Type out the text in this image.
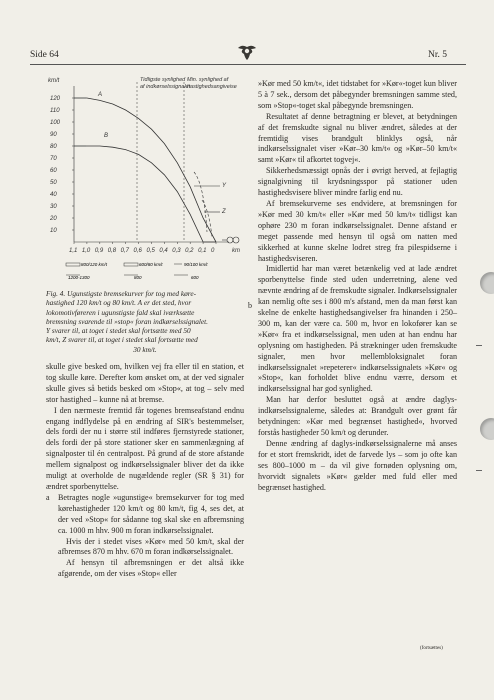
Side 64	Nr. 5
120
110
100
90
80
70
60
50
40
30
20
10
1,1 1,0 0,9 0,8 0,7 0,6 0,5 0,4 0,3 0,2 0,1 0
km/t
km
Tidligste synlighed
af indkørselssignalet
Min. synlighed af
hastighedsangiveise
A
B
Y
Z
800/120 km/t
1200-1300
600/80 km/t
800
90/100 km/t
600

Fig. 4. Ugunstigste bremsekurver for tog med køre-

hastighed 120 km/t og 80 km/t. A er det sted, hvor

lokomotivføreren i ugunstigste fald skal iværksætte

bremsning svarende til »stop« foran indkørselssignalet.

Y svarer til, at toget i stedet skal fortsætte med 50

km/t, Z svarer til, at toget i stedet skal fortsætte med

30 km/t.

skulle give besked om, hvilken vej fra eller til en station, et tog skulle køre. Derefter kom ønsket om, at der ved signaler skulle gives så betids besked om »Stop«, at tog – selv med stor hastighed – kunne nå at bremse.

I den nærmeste fremtid får togenes bremseafstand endnu engang indflydelse på en ændring af SIR's bestemmelser, dels fordi der nu i større stil indføres fjernstyrede stationer, dels fordi der på store stationer sker en sammenlægning af signalposter til én centralpost. På grund af de store afstande mellem signalpost og indkørselssignaler bliver det da ikke muligt at overholde de nugældende regler (SR § 31) for ændret sporbenyttelse.

a Betragtes nogle »ugunstige« bremsekurver for tog med kørehastigheder 120 km/t og 80 km/t, fig 4, ses det, at der ved »Stop« for sådanne tog skal ske en afbremsning ca. 1000 m hhv. 900 m foran indkørselssignalet.

Hvis der i stedet vises »Kør« med 50 km/t, skal der afbremses 870 m hhv. 670 m foran indkørselssignalet.

Af hensyn til afbremsningen er det altså ikke afgørende, om der vises »Stop« eller

b

»Kør med 50 km/t«, idet tidstabet for »Kør«-toget kun bliver 5 à 7 sek., dersom det påbegynder bremsningen samme sted, som »Stop«-toget skal påbegynde bremsningen.

Resultatet af denne betragtning er blevet, at betydningen af det fremskudte signal nu bliver ændret, således at der fremtidig vises brandgult blinklys også, når indkørselssignalet viser »Kør–30 km/t« og »Kør–50 km/t« samt »Kør« til afkortet togvej«.

Sikkerhedsmæssigt opnås der i øvrigt herved, at fejlagtig signalgivning til krydsningsspor på stationer uden hastighedsvisere bliver mindre farlig end nu.

Af bremsekurverne ses endvidere, at bremsningen for »Kør med 30 km/t« eller »Kør med 50 km/t« tidligst kan ophøre 230 m foran indkørselssignalet. Denne afstand er meget passende med hensyn til også om natten med sikkerhed at kunne skelne lodret streg fra pilespidserne i hastighedsviseren.

Imidlertid har man været betænkelig ved at lade ændret sporbenyttelse finde sted uden underretning, alene ved nævnte ændring af de fremskudte signaler. Indkørselssignaler kan nemlig ofte ses i 800 m's afstand, men da man først kan skelne de enkelte hastighedsangivelser fra hinanden i 250–300 m, kan der være ca. 500 m, hvor en lokofører kan se »Kør« fra et indkørselssignal, men uden at han endnu har oplysning om hastigheden. På strækninger uden fremskudte signaler, men hvor mellembloksignalet foran indkørselssignalet »repeterer« indkørselssignalets »Kør« og »Stop«, kan forholdet blive endnu værre, dersom et indkørselssignal har god synlighed.

Man har derfor besluttet også at ændre daglys-indkørselssignalerne, således at: Brandgult over grønt får betydningen: »Kør med begrænset hastighed«, hvorved forstås hastigheder 50 km/t og derunder.

Denne ændring af daglys-indkørselssignalerne må anses for et stort fremskridt, idet de farvede lys – som jo ofte kan ses 800–1000 m – da vil give fornøden oplysning om, hvorvidt signalets »Kør« gælder med fuld eller med begrænset hastighed.

(fortsættes)
